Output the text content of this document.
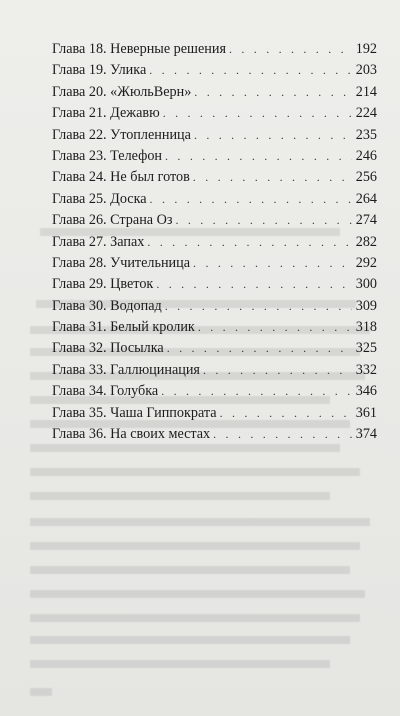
Глава 18. Неверные решения . . .	192
Глава 19. Улика . . .	203
Глава 20. «ЖюльВерн» . . .	214
Глава 21. Дежавю . . .	224
Глава 22. Утопленница . . .	235
Глава 23. Телефон . . .	246
Глава 24. Не был готов . . .	256
Глава 25. Доска . . .	264
Глава 26. Страна Оз . . .	274
Глава 27. Запах . . .	282
Глава 28. Учительница . . .	292
Глава 29. Цветок . . .	300
Глава 30. Водопад . . .	309
Глава 31. Белый кролик . . .	318
Глава 32. Посылка . . .	325
Глава 33. Галлюцинация . . .	332
Глава 34. Голубка . . .	346
Глава 35. Чаша Гиппократа . . .	361
Глава 36. На своих местах . . .	374
